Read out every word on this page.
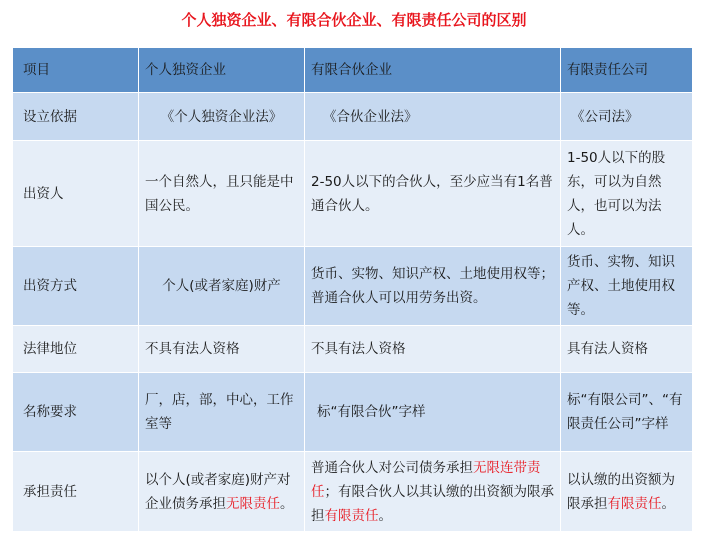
个人独资企业、有限合伙企业、有限责任公司的区别
项目	个人独资企业	有限合伙企业	有限责任公司
设立依据	《个人独资企业法》	《合伙企业法》	《公司法》
出资人	一个自然人，且只能是中国公民。	2-50人以下的合伙人，至少应当有1名普通合伙人。	1-50人以下的股东，可以为自然人，也可以为法人。
出资方式	个人(或者家庭)财产	货币、实物、知识产权、土地使用权等；普通合伙人可以用劳务出资。	货币、实物、知识产权、土地使用权等。
法律地位	不具有法人资格	不具有法人资格	具有法人资格
名称要求	厂，店，部，中心，工作室等	标“有限合伙”字样	标“有限公司”、“有限责任公司”字样
承担责任	以个人(或者家庭)财产对企业债务承担无限责任。	普通合伙人对公司债务承担无限连带责任；有限合伙人以其认缴的出资额为限承担有限责任。	以认缴的出资额为限承担有限责任。
